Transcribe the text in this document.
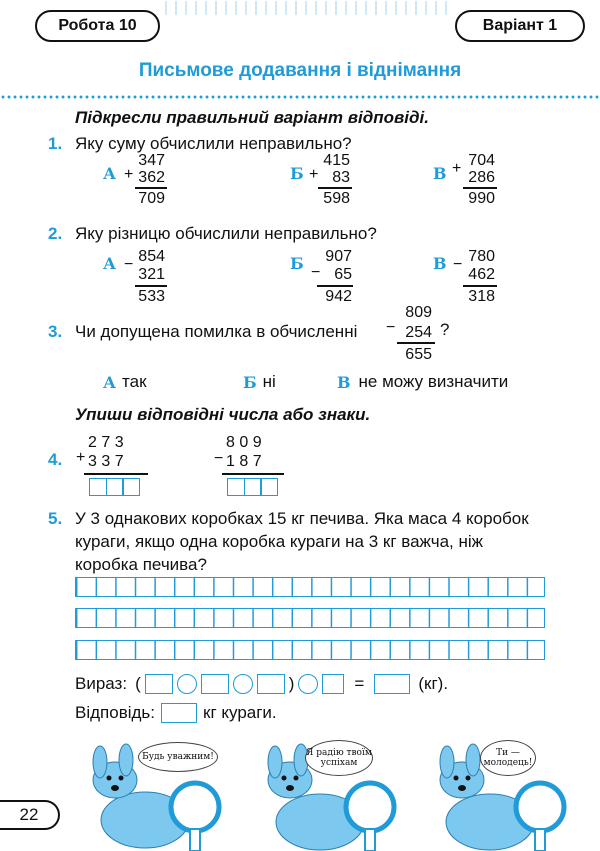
Робота 10	Варіант 1
Письмове додавання і віднімання
Підкресли правильний варіант відповіді.
1. Яку суму обчислили неправильно?
А +
347
362
709
Б +
415
83
598
В + 704
286
990
2. Яку різницю обчислили неправильно?
А − 854
321
533
Б −
907
65
942
В − 780
462
318
3. Чи допущена помилка в обчисленні
809
− 254
655
?
А так	Б ні	В не можу визначити
Упиши відповідні числа або знаки.
4.
2 7 3
+ 3 3 7
8 0 9
− 1 8 7
5. У 3 однакових коробках 15 кг печива. Яка маса 4 коробок
кураги, якщо одна коробка кураги на 3 кг важча, ніж
коробка печива?
Вираз: (	)	=	(кг).
Відповідь:	кг кураги.
Будь уважним!	Я радію твоїм успіхам
Ти — молодець!
22
